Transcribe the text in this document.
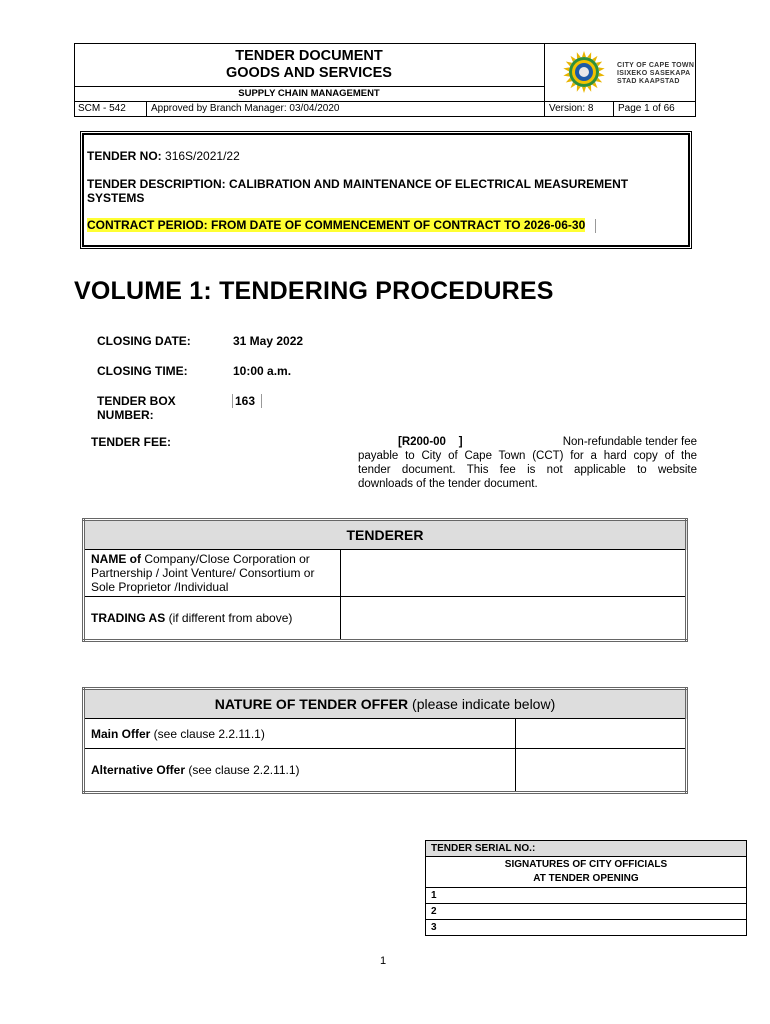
TENDER DOCUMENT
GOODS AND SERVICES
SUPPLY CHAIN MANAGEMENT
CITY OF CAPE TOWN
ISIXEKO SASEKAPA
STAD KAAPSTAD
SCM - 542	Approved by Branch Manager: 03/04/2020	Version: 8	Page 1 of 66
TENDER NO: 316S/2021/22
TENDER DESCRIPTION: CALIBRATION AND MAINTENANCE OF ELECTRICAL MEASUREMENT
SYSTEMS
CONTRACT PERIOD: FROM DATE OF COMMENCEMENT OF CONTRACT TO 2026-06-30
VOLUME 1: TENDERING PROCEDURES
CLOSING DATE:	31 May 2022
CLOSING TIME:	10:00 a.m.
TENDER BOX
NUMBER:
163
TENDER FEE:	[R200-00    ]	Non-refundable tender fee
payable to City of Cape Town (CCT) for a hard copy of the
tender document. This fee is not applicable to website
downloads of the tender document.
TENDERER	
NAME of Company/Close Corporation or
Partnership / Joint Venture/ Consortium or
Sole Proprietor /Individual	
TRADING AS (if different from above)	
NATURE OF TENDER OFFER (please indicate below)	
Main Offer (see clause 2.2.11.1)	
Alternative Offer (see clause 2.2.11.1)	
TENDER SERIAL NO.:

SIGNATURES OF CITY OFFICIALS
AT TENDER OPENING

1
2
3
1
